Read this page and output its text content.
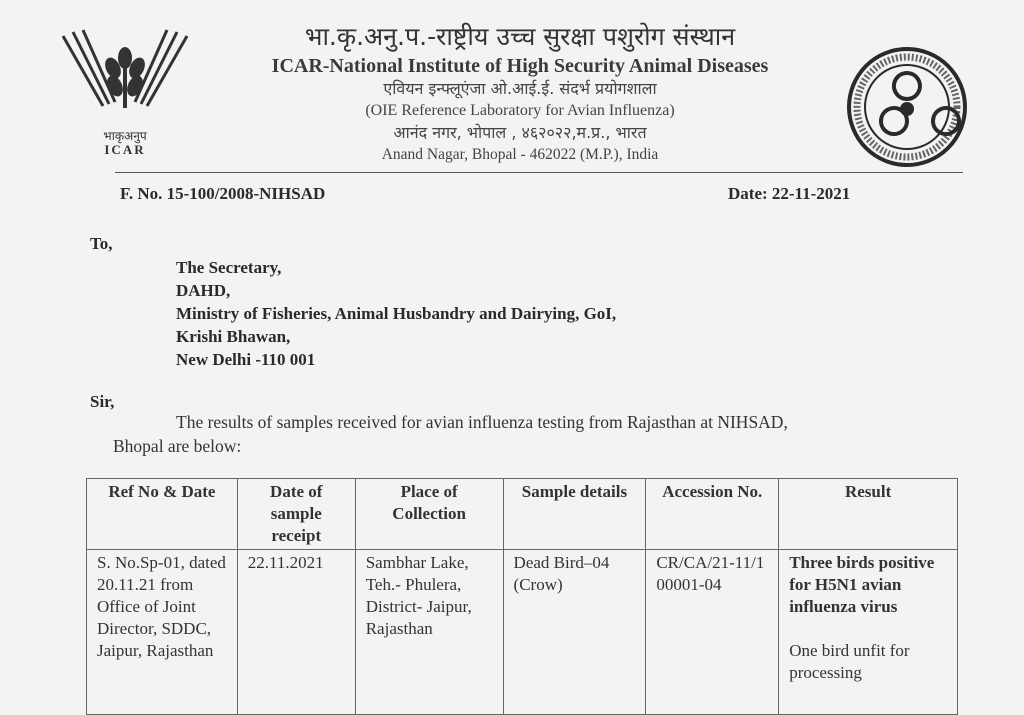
भाकृअनुप
ICAR
भा.कृ.अनु.प.-राष्ट्रीय उच्च सुरक्षा पशुरोग संस्थान
ICAR-National Institute of High Security Animal Diseases
एवियन इन्फ्लूएंजा ओ.आई.ई. संदर्भ प्रयोगशाला
(OIE Reference Laboratory for Avian Influenza)
आनंद नगर, भोपाल , ४६२०२२,म.प्र., भारत
Anand Nagar, Bhopal - 462022 (M.P.), India
F. No. 15-100/2008-NIHSAD	Date: 22-11-2021
To,
The Secretary,
DAHD,
Ministry of Fisheries, Animal Husbandry and Dairying, GoI,
Krishi Bhawan,
New Delhi -110 001
Sir,
The results of samples received for avian influenza testing from Rajasthan at NIHSAD,
Bhopal are below:
Ref No & Date	Date of sample receipt	Place of Collection	Sample details	Accession No.	Result
S. No.Sp-01, dated 20.11.21 from Office of Joint Director, SDDC, Jaipur, Rajasthan	22.11.2021	Sambhar Lake, Teh.- Phulera, District- Jaipur, Rajasthan	Dead Bird–04 (Crow)	CR/CA/21-11/100001-04	Three birds positive for H5N1 avian influenza virus
One bird unfit for processing
